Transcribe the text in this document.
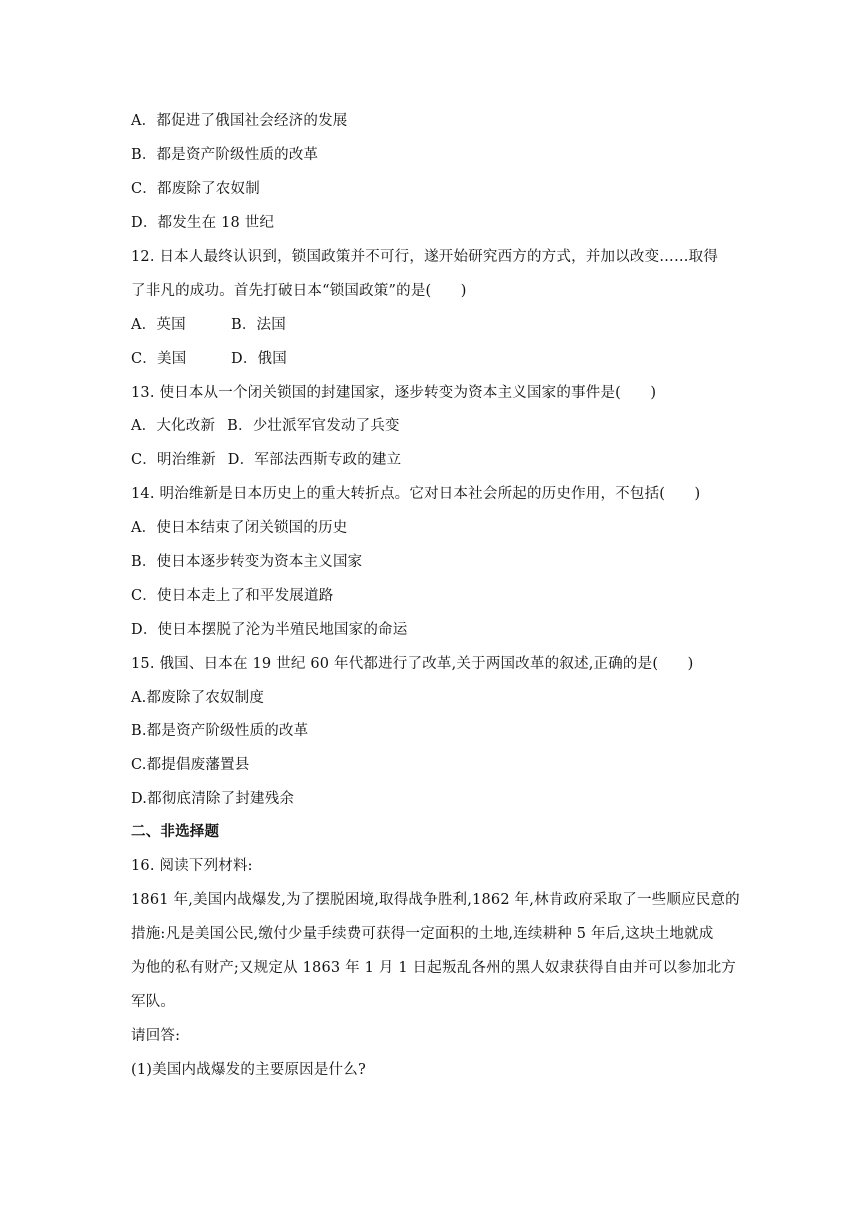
A．都促进了俄国社会经济的发展
B．都是资产阶级性质的改革
C．都废除了农奴制
D．都发生在 18 世纪
12. 日本人最终认识到，锁国政策并不可行，遂开始研究西方的方式，并加以改变……取得
了非凡的成功。首先打破日本“锁国政策”的是(　　)
A．英国	B．法国
C．美国	D．俄国
13. 使日本从一个闭关锁国的封建国家，逐步转变为资本主义国家的事件是(　　)
A．大化改新 B．少壮派军官发动了兵变
C．明治维新 D．军部法西斯专政的建立
14. 明治维新是日本历史上的重大转折点。它对日本社会所起的历史作用，不包括(　　)
A．使日本结束了闭关锁国的历史
B．使日本逐步转变为资本主义国家
C．使日本走上了和平发展道路
D．使日本摆脱了沦为半殖民地国家的命运
15. 俄国、日本在 19 世纪 60 年代都进行了改革,关于两国改革的叙述,正确的是(　　)
A.都废除了农奴制度
B.都是资产阶级性质的改革
C.都提倡废藩置县
D.都彻底清除了封建残余
二、非选择题
16. 阅读下列材料:
1861 年,美国内战爆发,为了摆脱困境,取得战争胜利,1862 年,林肯政府采取了一些顺应民意的
措施:凡是美国公民,缴付少量手续费可获得一定面积的土地,连续耕种 5 年后,这块土地就成
为他的私有财产;又规定从 1863 年 1 月 1 日起叛乱各州的黑人奴隶获得自由并可以参加北方
军队。
请回答:
(1)美国内战爆发的主要原因是什么?
